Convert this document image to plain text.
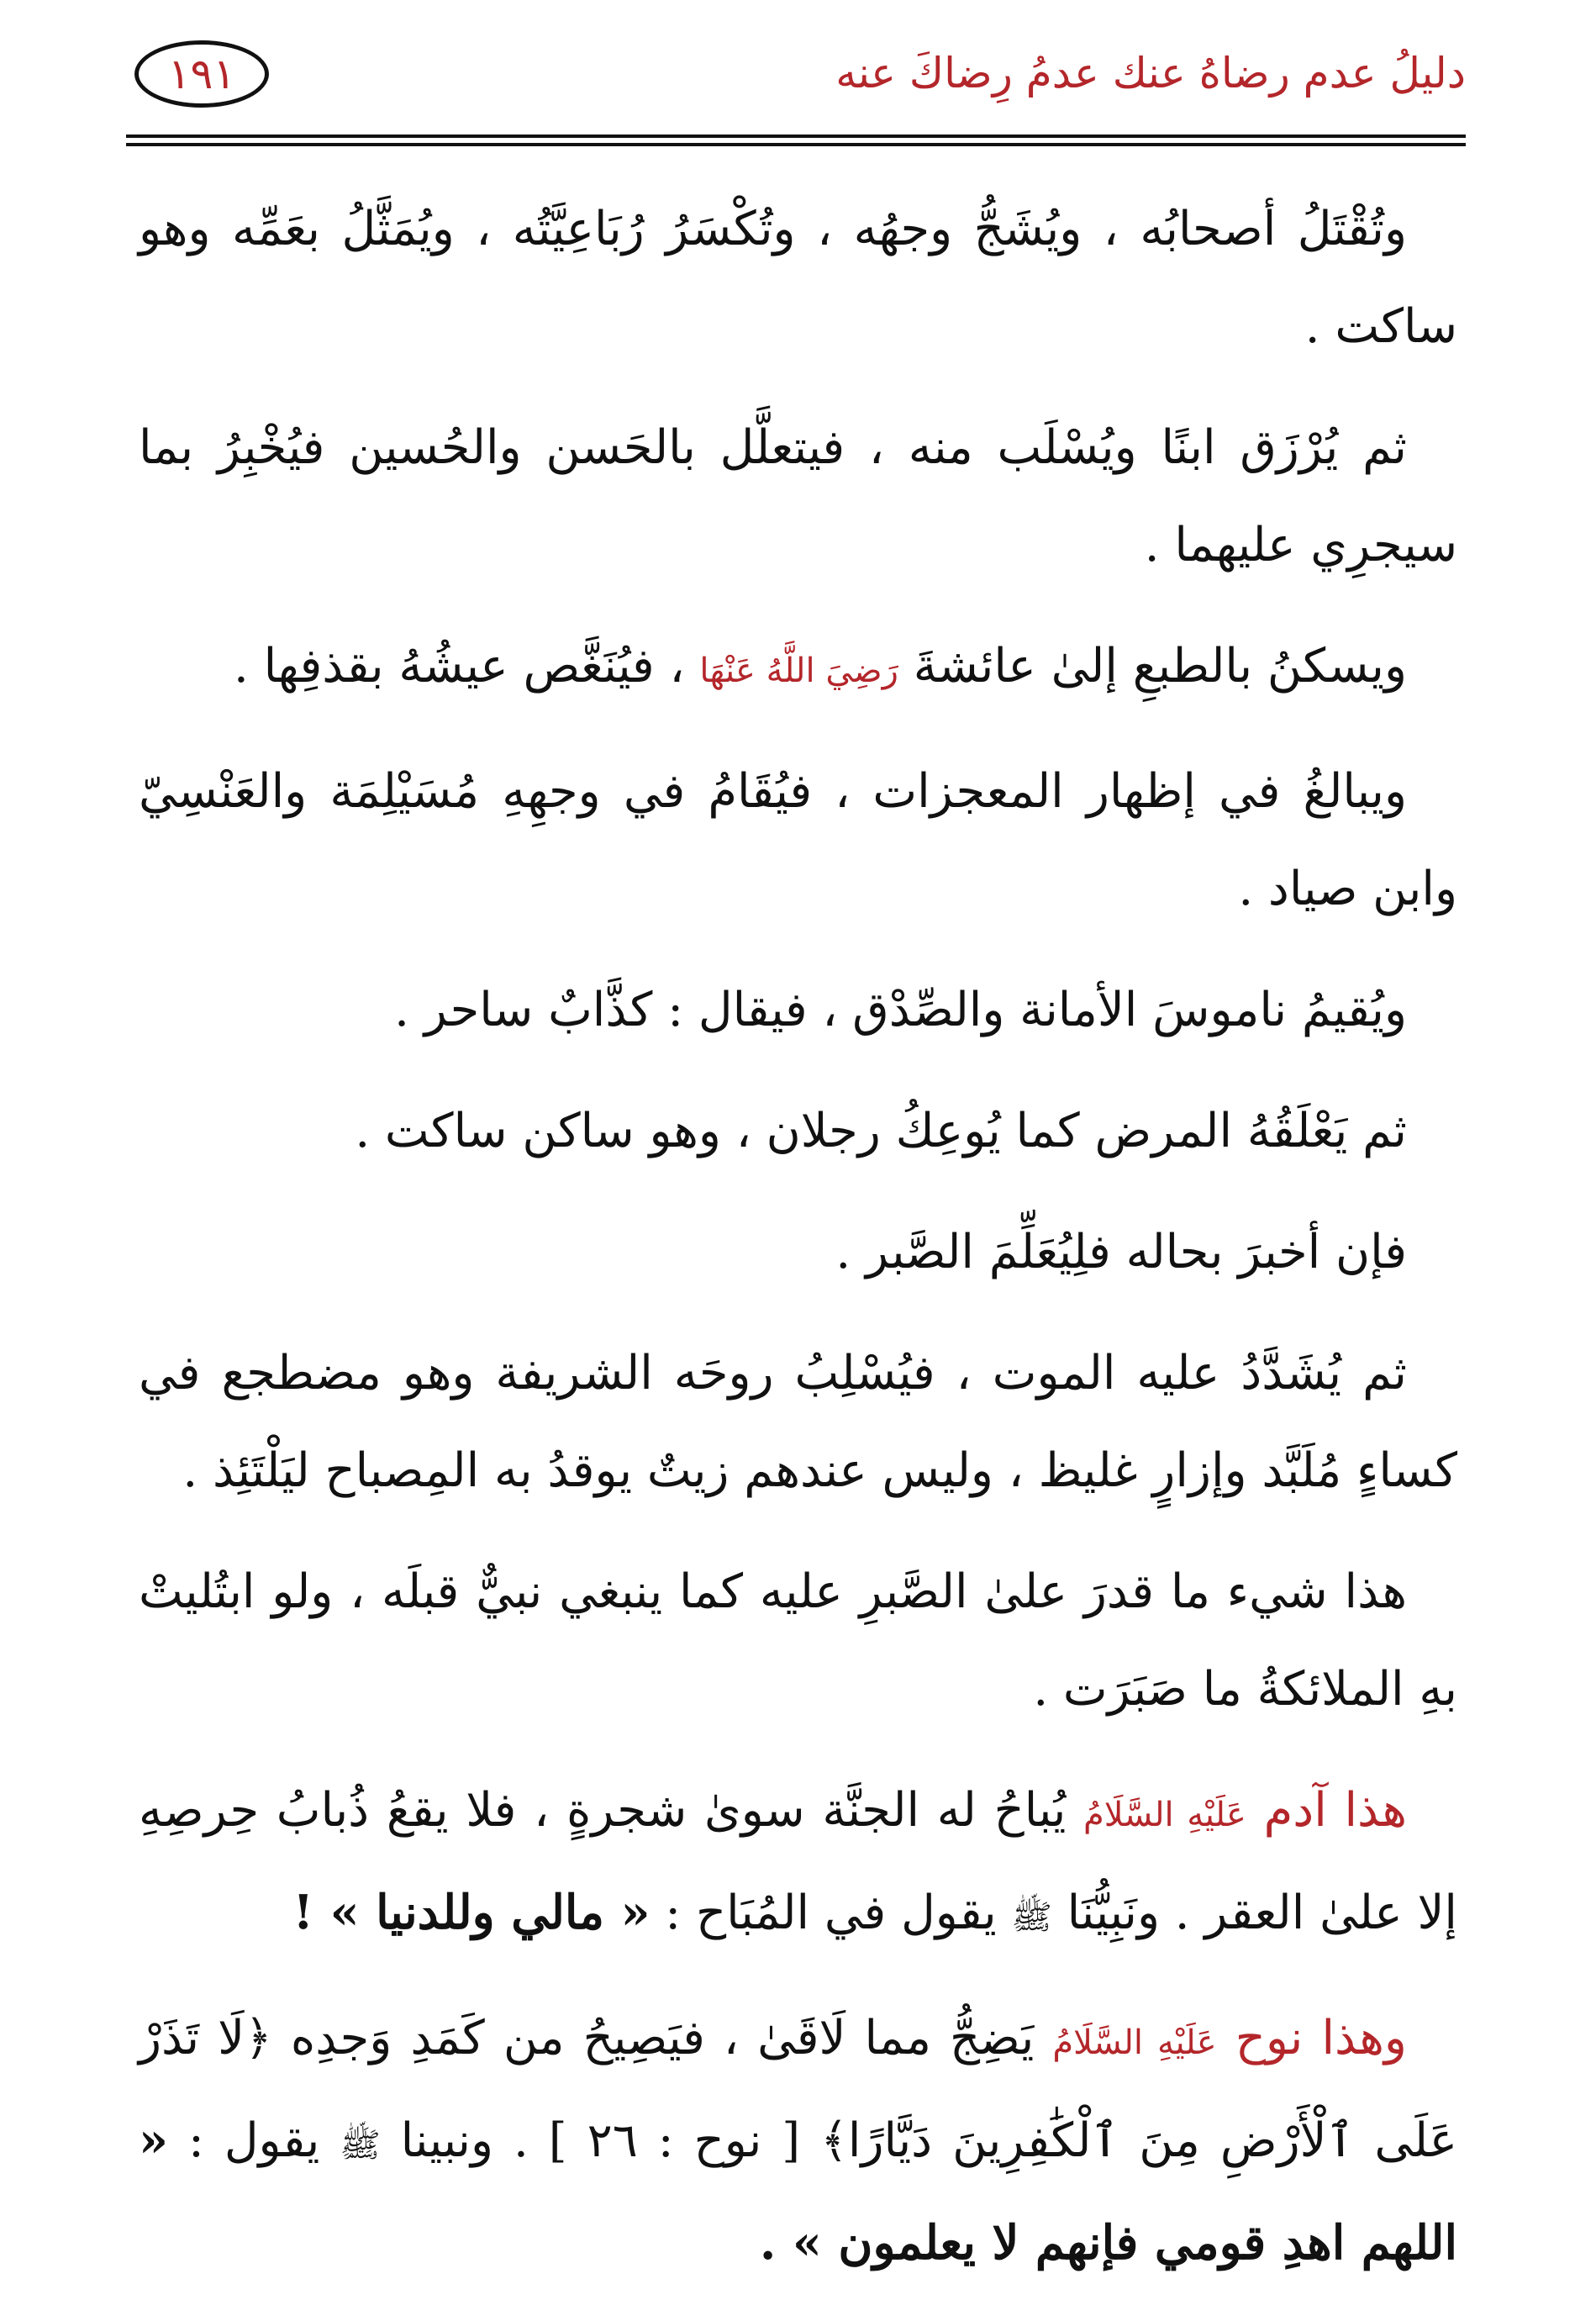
دليلُ عدم رضاهُ عنك عدمُ رِضاكَ عنه
١٩١

وتُقْتَلُ أصحابُه ، ويُشَجُّ وجهُه ، وتُكْسَرُ رُبَاعِيَّتُه ، ويُمَثَّلُ بعَمِّه وهو ساكت .

ثم يُرْزَق ابنًا ويُسْلَب منه ، فيتعلَّل بالحَسن والحُسين فيُخْبِرُ بما سيجرِي عليهما .

ويسكنُ بالطبعِ إلىٰ عائشةَ رَضِيَ اللَّهُ عَنْهَا ، فيُنَغَّص عيشُهُ بقذفِها .

ويبالغُ في إظهار المعجزات ، فيُقَامُ في وجهِهِ مُسَيْلِمَة والعَنْسِيّ وابن صياد .

ويُقيمُ ناموسَ الأمانة والصِّدْق ، فيقال : كذَّابٌ ساحر .

ثم يَعْلَقُهُ المرض كما يُوعِكُ رجلان ، وهو ساكن ساكت .

فإن أخبرَ بحاله فلِيُعَلِّمَ الصَّبر .

ثم يُشَدَّدُ عليه الموت ، فيُسْلِبُ روحَه الشريفة وهو مضطجع في كساءٍ مُلَبَّد وإزارٍ غليظ ، وليس عندهم زيتٌ يوقدُ به المِصباح ليَلْتَئِذ .

هذا شيء ما قدرَ علىٰ الصَّبرِ عليه كما ينبغي نبيٌّ قبلَه ، ولو ابتُليتْ بهِ الملائكةُ ما صَبَرَت .

هذا آدم عَلَيْهِ السَّلَامُ يُباحُ له الجنَّة سوىٰ شجرةٍ ، فلا يقعُ ذُبابُ حِرصِهِ إلا علىٰ العقر . ونَبِيُّنَا ﷺ يقول في المُبَاح : « مالي وللدنيا » !

وهذا نوح عَلَيْهِ السَّلَامُ يَضِجُّ مما لَاقَىٰ ، فيَصِيحُ من كَمَدِ وَجدِه ﴿لَا تَذَرْ عَلَى ٱلْأَرْضِ مِنَ ٱلْكَٰفِرِينَ دَيَّارًا﴾ [ نوح : ٢٦ ] . ونبينا ﷺ يقول : « اللهم اهدِ قومي فإنهم لا يعلمون » .
